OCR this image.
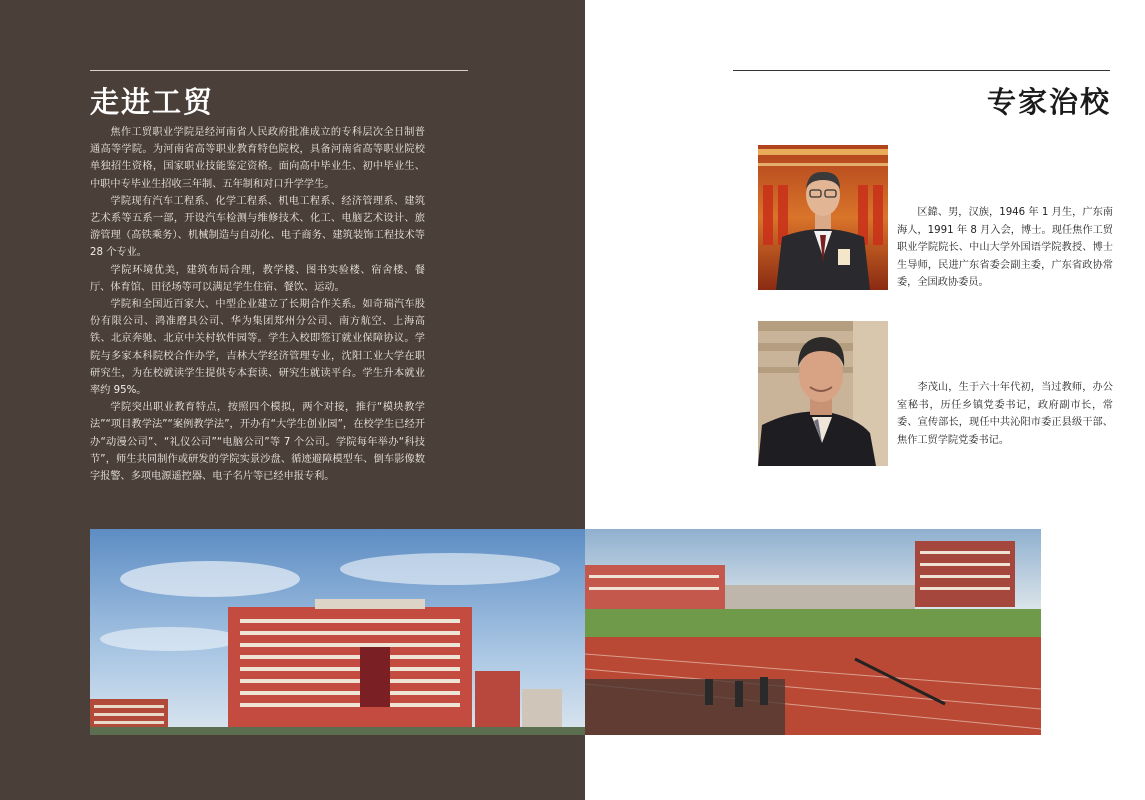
走进工贸

焦作工贸职业学院是经河南省人民政府批准成立的专科层次全日制普通高等学院。为河南省高等职业教育特色院校，具备河南省高等职业院校单独招生资格，国家职业技能鉴定资格。面向高中毕业生、初中毕业生、中职中专毕业生招收三年制、五年制和对口升学学生。

学院现有汽车工程系、化学工程系、机电工程系、经济管理系、建筑艺术系等五系一部，开设汽车检测与维修技术、化工、电脑艺术设计、旅游管理（高铁乘务）、机械制造与自动化、电子商务、建筑装饰工程技术等 28 个专业。

学院环境优美，建筑布局合理，教学楼、图书实验楼、宿舍楼、餐厅、体育馆、田径场等可以满足学生住宿、餐饮、运动。

学院和全国近百家大、中型企业建立了长期合作关系。如奇瑞汽车股份有限公司、鸿准磨具公司、华为集团郑州分公司、南方航空、上海高铁、北京奔驰、北京中关村软件园等。学生入校即签订就业保障协议。学院与多家本科院校合作办学，吉林大学经济管理专业，沈阳工业大学在职研究生，为在校就读学生提供专本套读、研究生就读平台。学生升本就业率约 95%。

学院突出职业教育特点，按照四个模拟，两个对接，推行“模块教学法”“项目教学法”“案例教学法”，开办有“大学生创业园”，在校学生已经开办“动漫公司”、“礼仪公司”“电脑公司”等 7 个公司。学院每年举办“科技节”，师生共同制作或研发的学院实景沙盘、循迹避障模型车、倒车影像数字报警、多项电源遥控器、电子名片等已经申报专利。

专家治校

区鍏、男，汉族，1946 年 1 月生，广东南海人，1991 年 8 月入会，博士。现任焦作工贸职业学院院长、中山大学外国语学院教授、博士生导师，民进广东省委会副主委，广东省政协常委，全国政协委员。

李茂山，生于六十年代初，当过教师，办公室秘书，历任乡镇党委书记，政府副市长，常委、宣传部长，现任中共沁阳市委正县级干部、焦作工贸学院党委书记。
